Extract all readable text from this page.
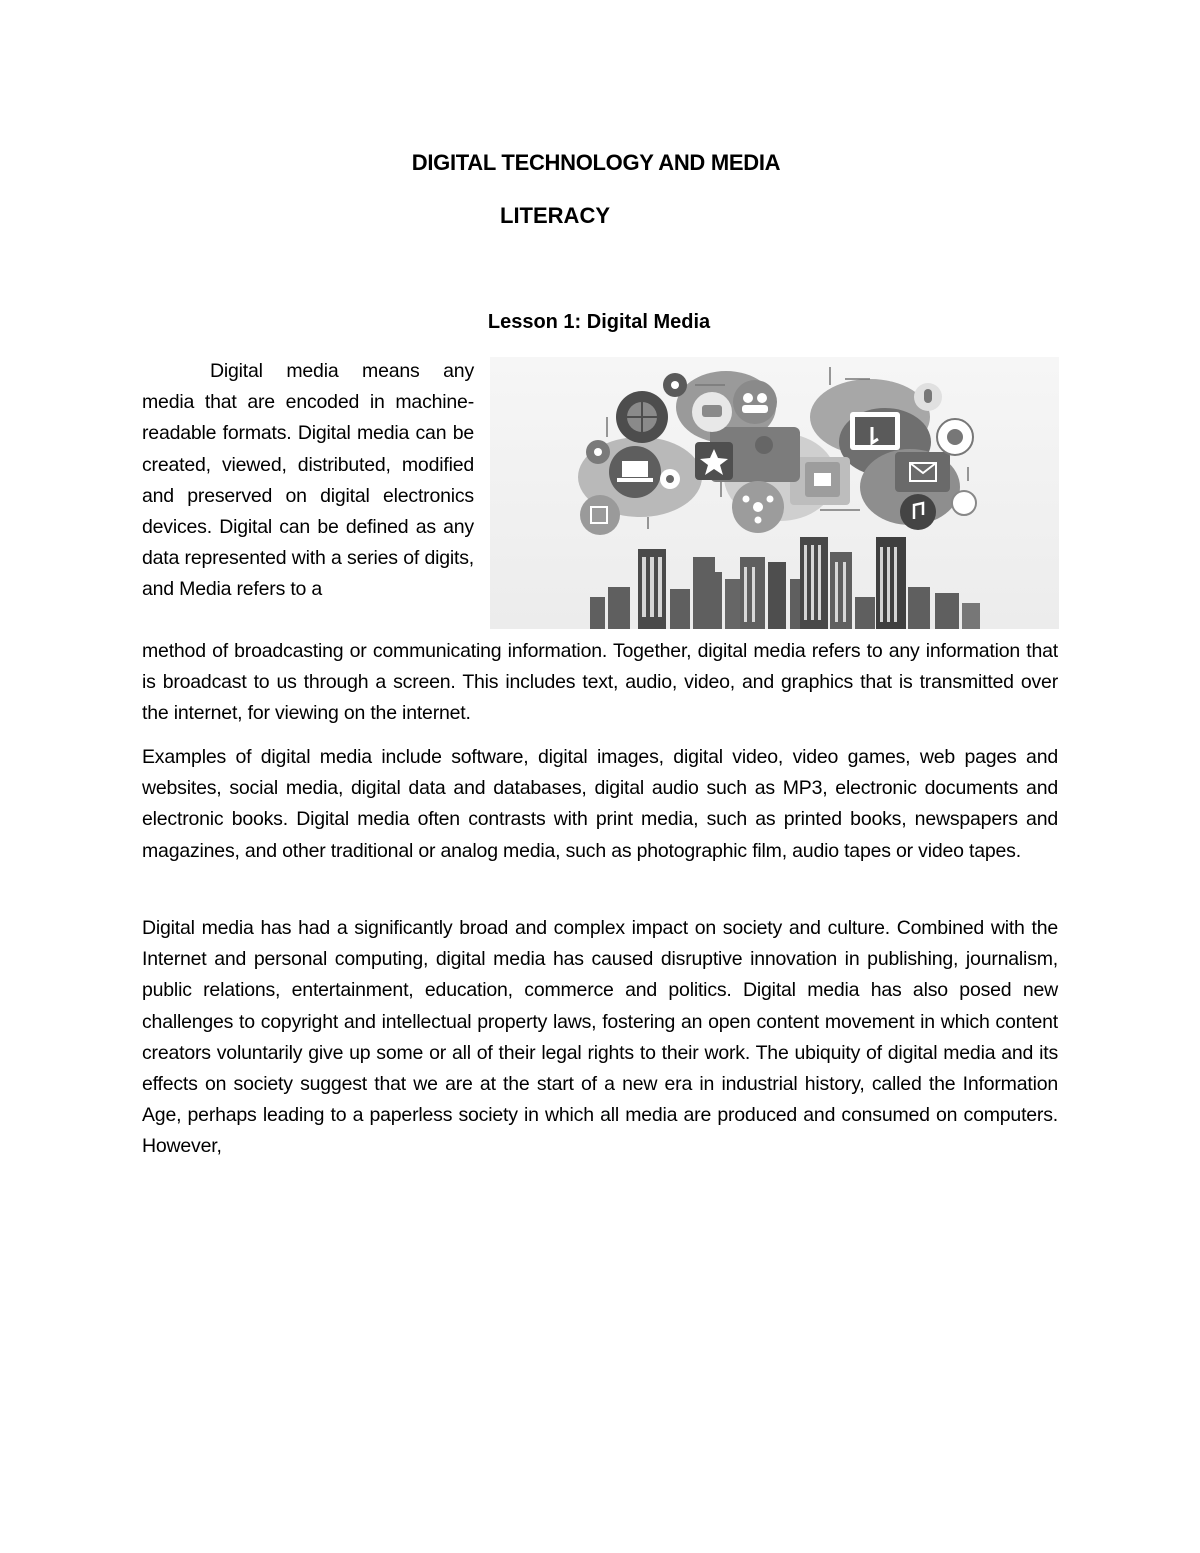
DIGITAL TECHNOLOGY AND MEDIA
LITERACY
Lesson 1: Digital Media

Digital media means any media that are encoded in machine-readable formats. Digital media can be created, viewed, distributed, modified and preserved on digital electronics devices. Digital can be defined as any data represented with a series of digits, and Media refers to a

method of broadcasting or communicating information. Together, digital media refers to any information that is broadcast to us through a screen. This includes text, audio, video, and graphics that is transmitted over the internet, for viewing on the internet.

Examples of digital media include software, digital images, digital video, video games, web pages and websites, social media, digital data and databases, digital audio such as MP3, electronic documents and electronic books. Digital media often contrasts with print media, such as printed books, newspapers and magazines, and other traditional or analog media, such as photographic film, audio tapes or video tapes.

Digital media has had a significantly broad and complex impact on society and culture. Combined with the Internet and personal computing, digital media has caused disruptive innovation in publishing, journalism, public relations, entertainment, education, commerce and politics. Digital media has also posed new challenges to copyright and intellectual property laws, fostering an open content movement in which content creators voluntarily give up some or all of their legal rights to their work. The ubiquity of digital media and its effects on society suggest that we are at the start of a new era in industrial history, called the Information Age, perhaps leading to a paperless society in which all media are produced and consumed on computers. However,
